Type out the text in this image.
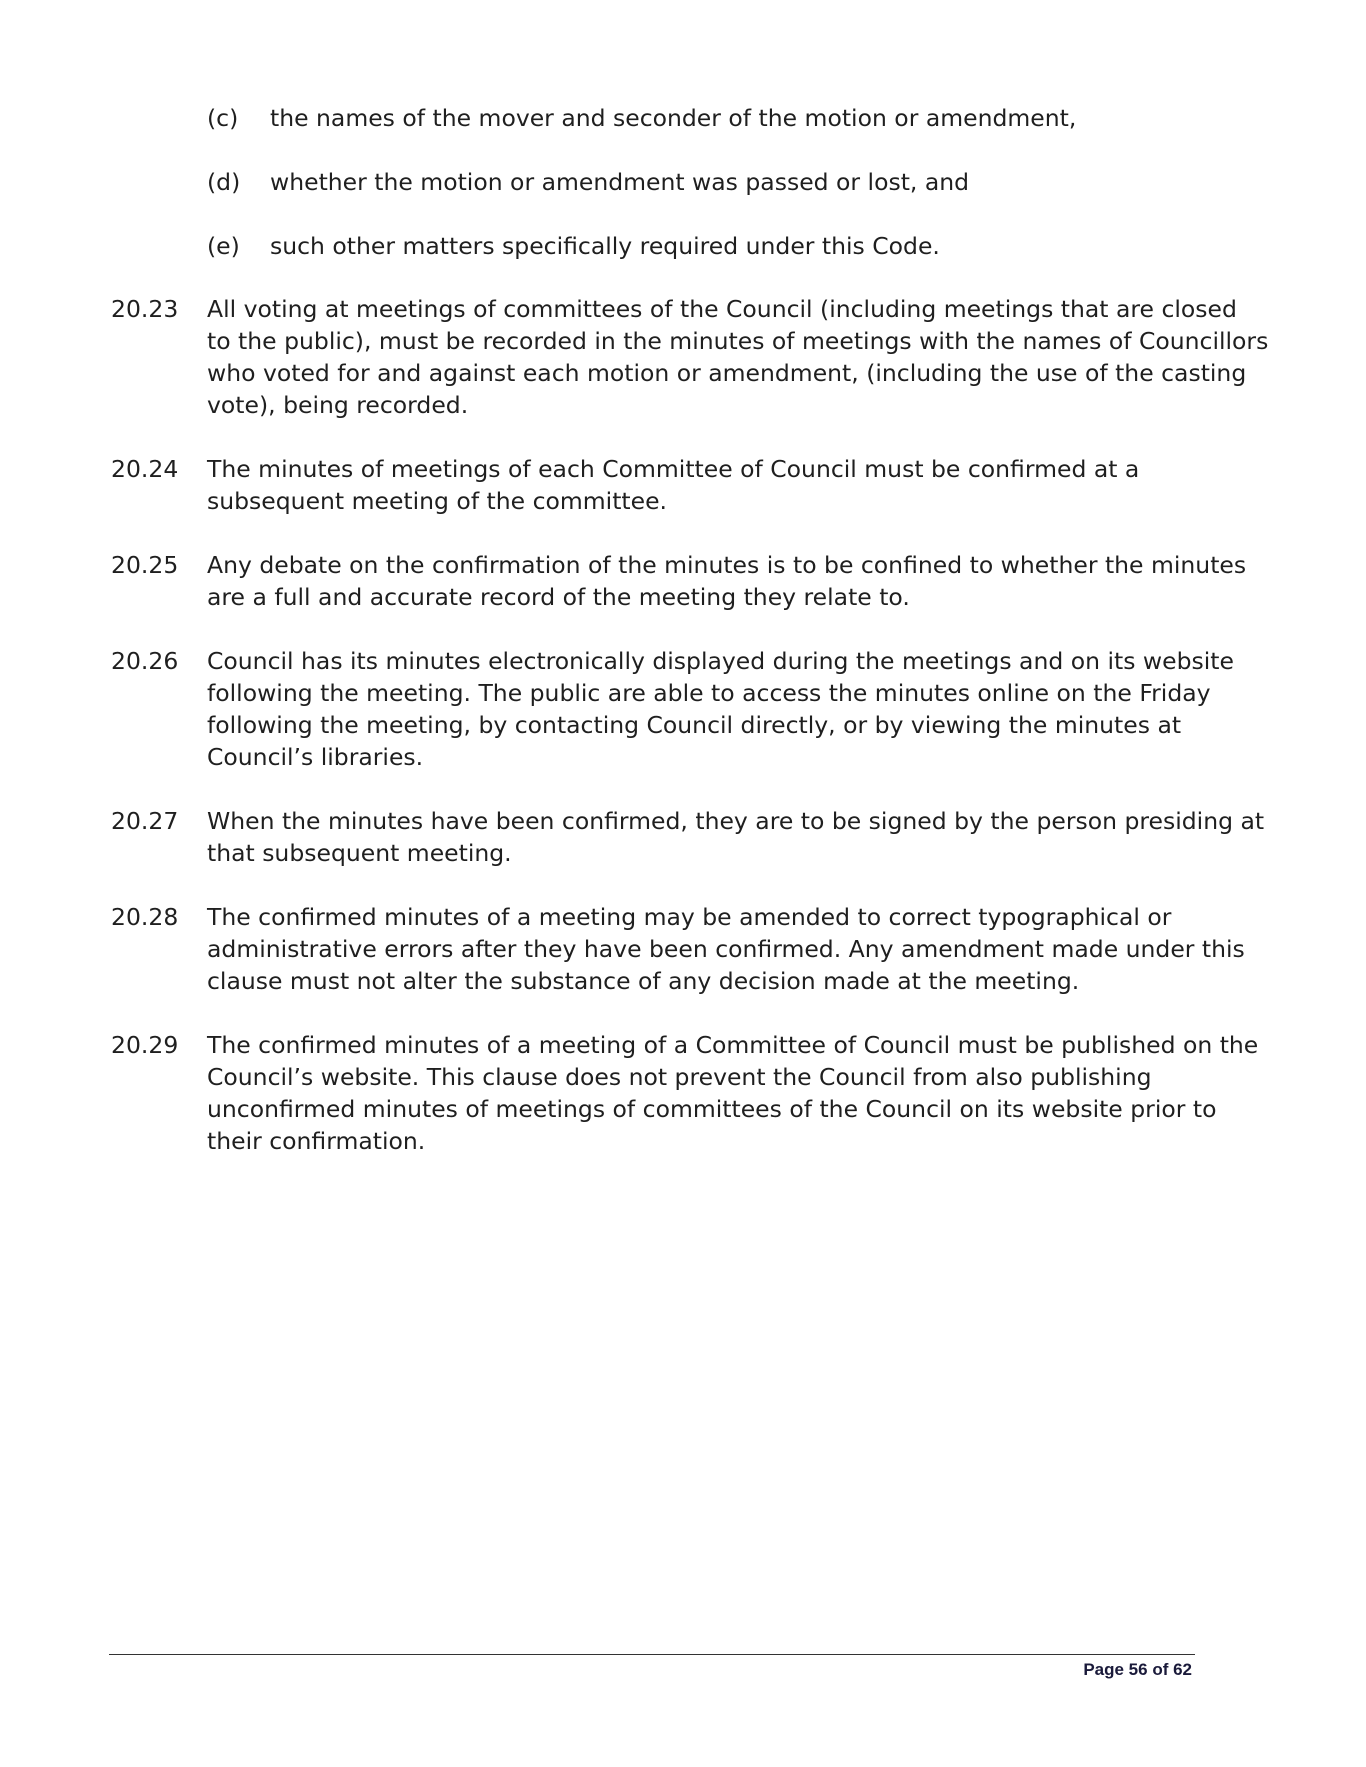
(c) the names of the mover and seconder of the motion or amendment,
(d) whether the motion or amendment was passed or lost, and
(e) such other matters specifically required under this Code.
20.23	All voting at meetings of committees of the Council (including meetings that are closed
to the public), must be recorded in the minutes of meetings with the names of Councillors
who voted for and against each motion or amendment, (including the use of the casting
vote), being recorded.
20.24	The minutes of meetings of each Committee of Council must be confirmed at a
subsequent meeting of the committee.
20.25	Any debate on the confirmation of the minutes is to be confined to whether the minutes
are a full and accurate record of the meeting they relate to.
20.26	Council has its minutes electronically displayed during the meetings and on its website
following the meeting. The public are able to access the minutes online on the Friday
following the meeting, by contacting Council directly, or by viewing the minutes at
Council’s libraries.
20.27	When the minutes have been confirmed, they are to be signed by the person presiding at
that subsequent meeting.
20.28	The confirmed minutes of a meeting may be amended to correct typographical or
administrative errors after they have been confirmed. Any amendment made under this
clause must not alter the substance of any decision made at the meeting.
20.29	The confirmed minutes of a meeting of a Committee of Council must be published on the
Council’s website. This clause does not prevent the Council from also publishing
unconfirmed minutes of meetings of committees of the Council on its website prior to
their confirmation.
Page 56 of 62
